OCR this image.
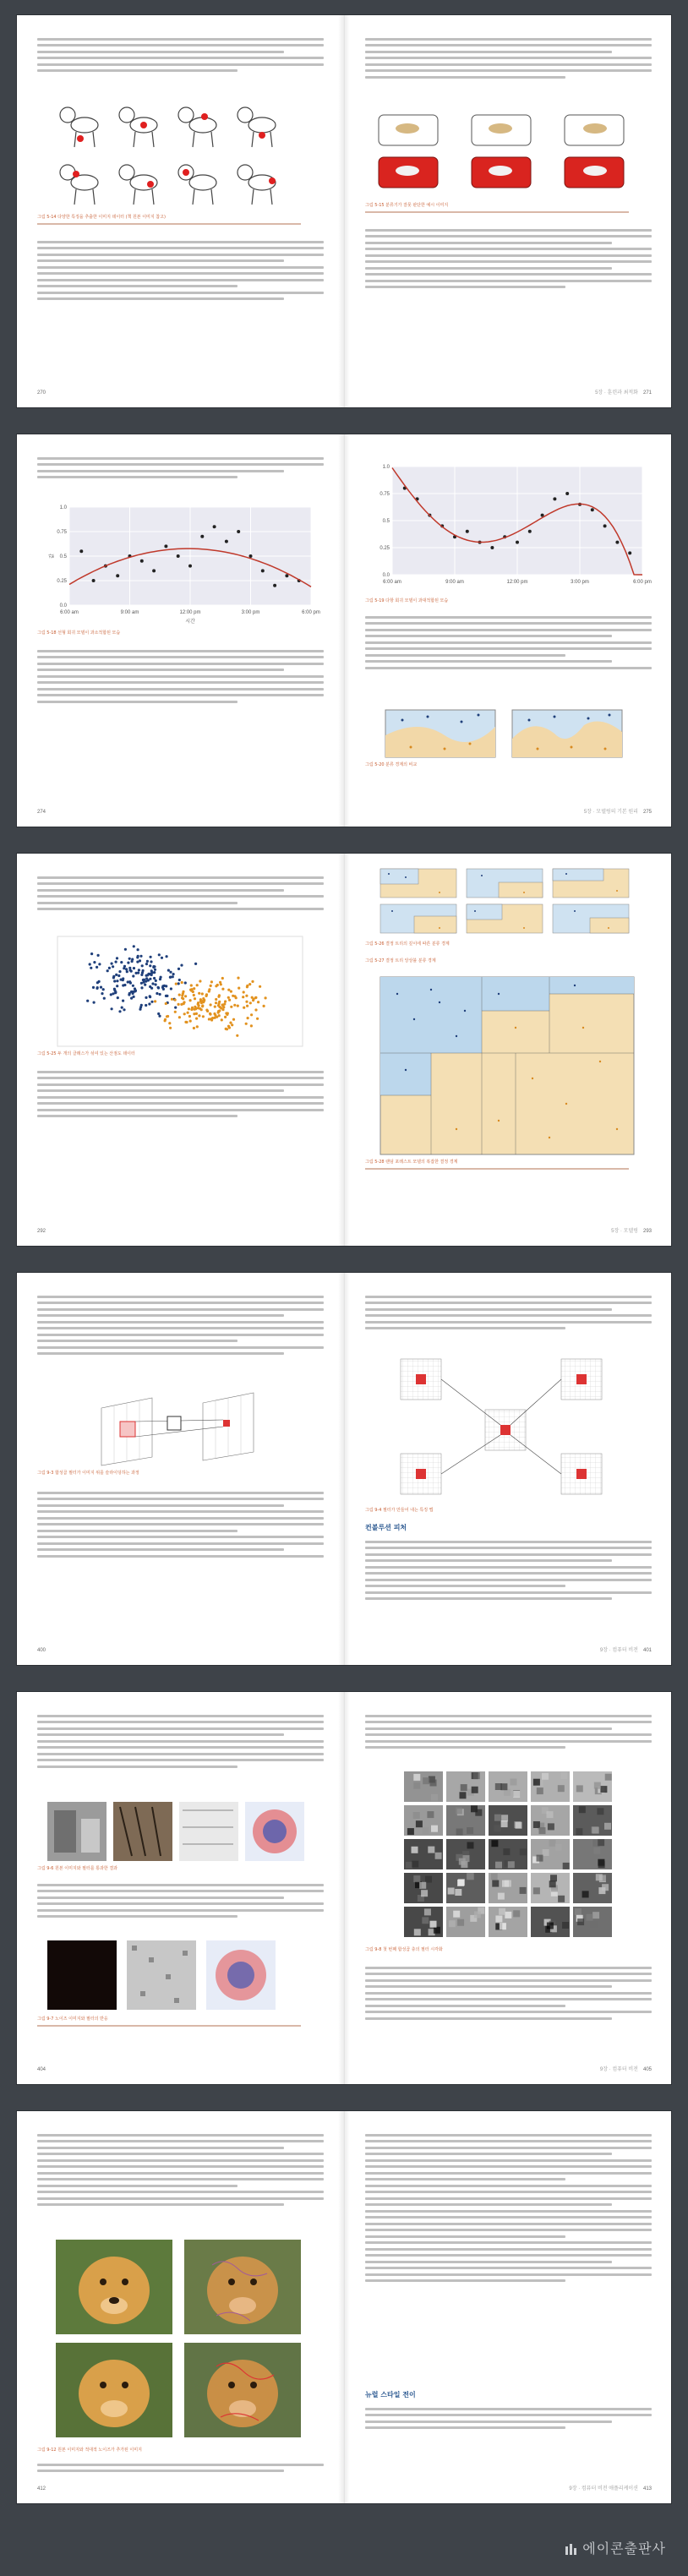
그림 5-14 다양한 특징을 추출한 이미지 데이터 (책 원본 이미지 참고)
270
그림 5-15 분류기가 잘못 판단한 예시 이미지
5장 · 훈련과 최적화 271
6:00 am	9:00 am	12:00 pm	3:00 pm	6:00 pm
0.0
0.25
0.5
0.75
1.0
시간
값
그림 5-18 선형 회귀 모델이 과소적합된 모습
274
6:00 am	9:00 am	12:00 pm	3:00 pm	6:00 pm
0.0
0.25
0.5
0.75
1.0
그림 5-19 다항 회귀 모델이 과대적합된 모습
그림 5-20 분류 경계의 비교
5장 · 모델링의 기본 원리 275
그림 5-25 두 개의 클래스가 섞여 있는 산점도 데이터
292
그림 5-26 결정 트리의 깊이에 따른 분류 경계
그림 5-27 결정 트리 앙상블 분류 경계
그림 5-28 랜덤 포레스트 모델의 복잡한 결정 경계
5장 · 모델링 293
그림 9-3 합성곱 필터가 이미지 위를 슬라이딩하는 과정
400
그림 9-4 필터가 만들어 내는 특징 맵
컨볼루션 피처
9장 · 컴퓨터 비전 401
그림 9-6 원본 이미지와 필터를 통과한 결과
그림 9-7 노이즈 이미지와 필터의 반응
404
그림 9-8 첫 번째 합성곱 층의 필터 시각화
9장 · 컴퓨터 비전 405
그림 9-12 원본 이미지와 적대적 노이즈가 추가된 이미지
412
뉴럴 스타일 전이
9장 · 컴퓨터 비전 애플리케이션 413
에이콘출판사
